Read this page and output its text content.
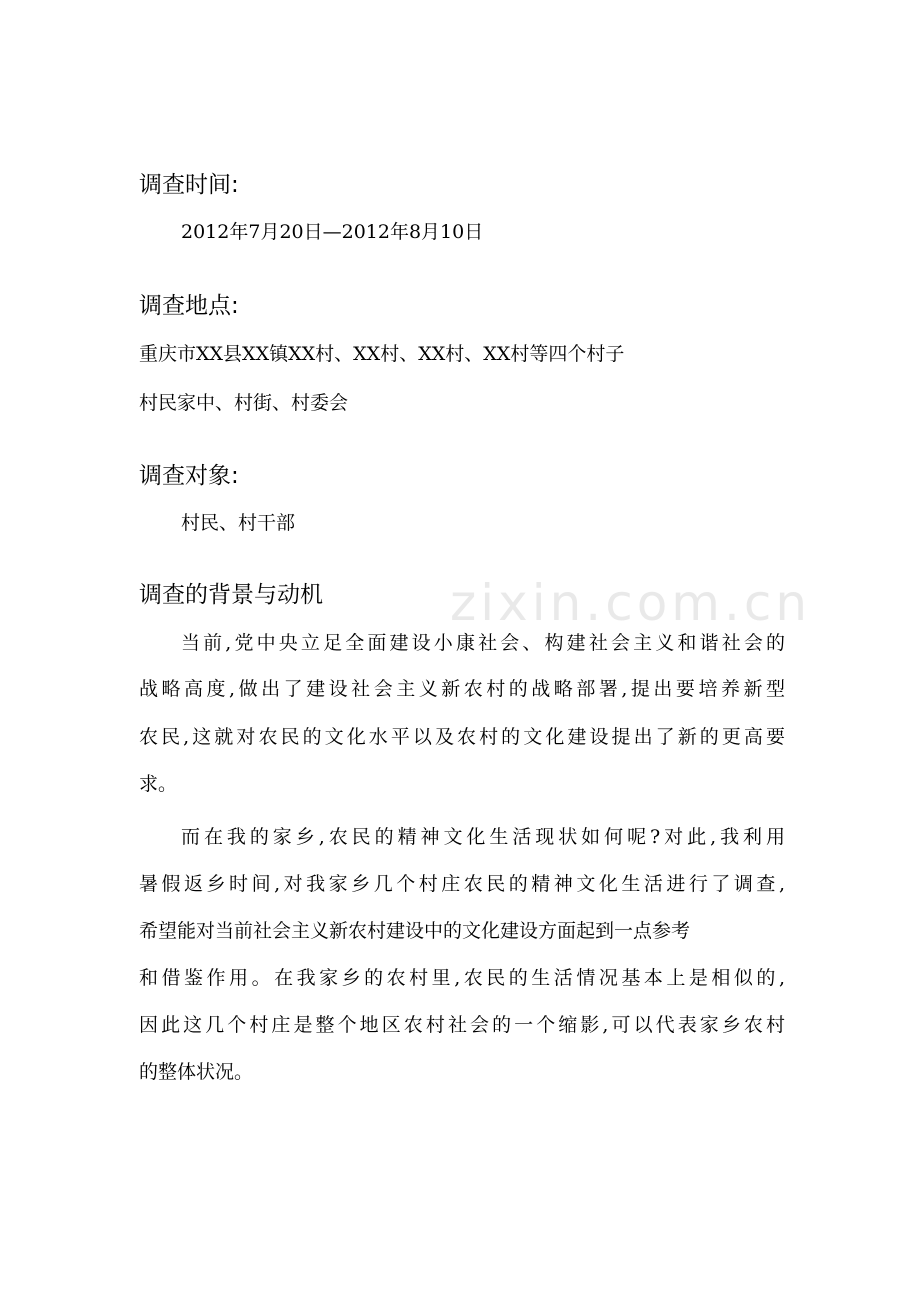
zixin.com.cn
调查时间:
2012年7月20日—2012年8月10日
调查地点:
重庆市XX县XX镇XX村、XX村、XX村、XX村等四个村子
村民家中、村街、村委会
调查对象:
村民、村干部
调查的背景与动机
当前,党中央立足全面建设小康社会、构建社会主义和谐社会的
战略高度,做出了建设社会主义新农村的战略部署,提出要培养新型
农民,这就对农民的文化水平以及农村的文化建设提出了新的更高要
求。
而在我的家乡,农民的精神文化生活现状如何呢?对此,我利用
暑假返乡时间,对我家乡几个村庄农民的精神文化生活进行了调查,
希望能对当前社会主义新农村建设中的文化建设方面起到一点参考
和借鉴作用。在我家乡的农村里,农民的生活情况基本上是相似的,
因此这几个村庄是整个地区农村社会的一个缩影,可以代表家乡农村
的整体状况。
